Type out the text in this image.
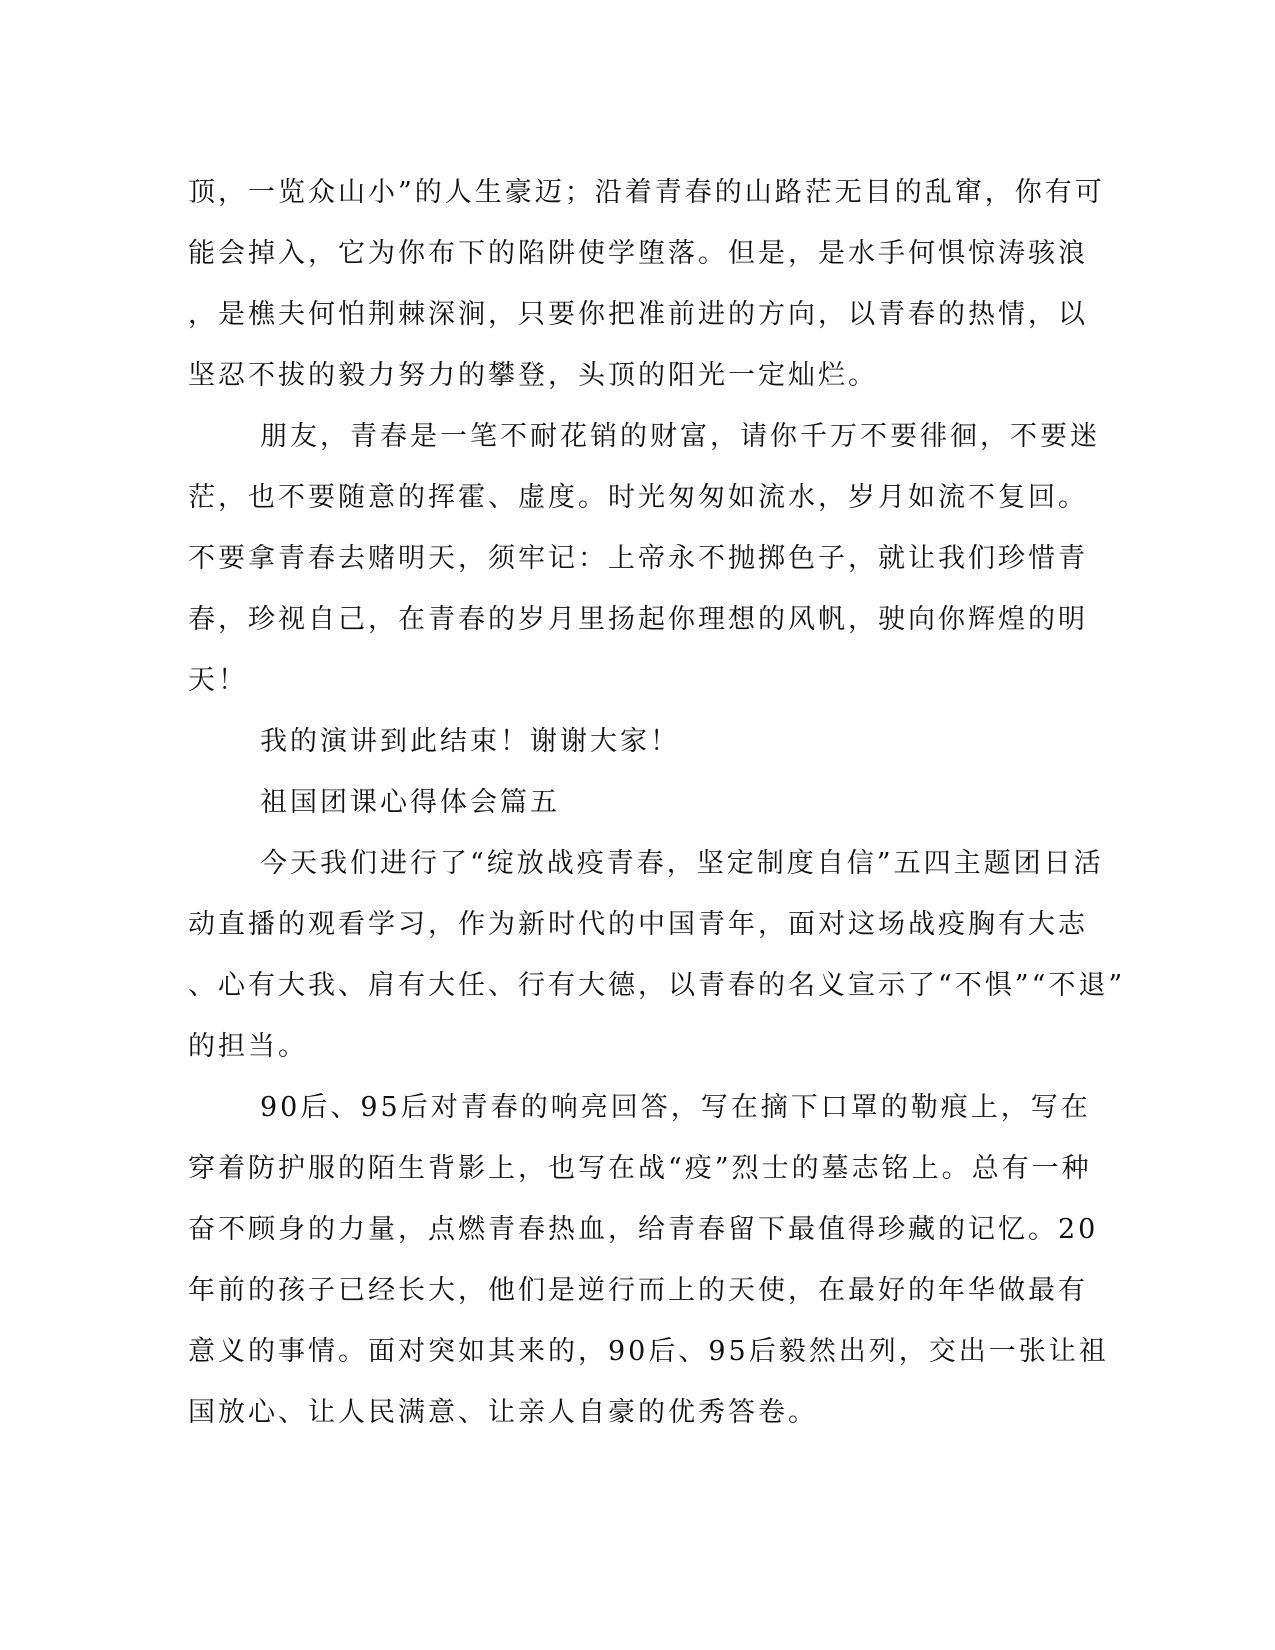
顶，一览众山小”的人生豪迈；沿着青春的山路茫无目的乱窜，你有可
能会掉入，它为你布下的陷阱使学堕落。但是，是水手何惧惊涛骇浪
，是樵夫何怕荆棘深涧，只要你把准前进的方向，以青春的热情，以
坚忍不拔的毅力努力的攀登，头顶的阳光一定灿烂。
朋友，青春是一笔不耐花销的财富，请你千万不要徘徊，不要迷
茫，也不要随意的挥霍、虚度。时光匆匆如流水，岁月如流不复回。
不要拿青春去赌明天，须牢记：上帝永不抛掷色子，就让我们珍惜青
春，珍视自己，在青春的岁月里扬起你理想的风帆，驶向你辉煌的明
天！
我的演讲到此结束！谢谢大家！
祖国团课心得体会篇五
今天我们进行了“绽放战疫青春，坚定制度自信”五四主题团日活
动直播的观看学习，作为新时代的中国青年，面对这场战疫胸有大志
、心有大我、肩有大任、行有大德，以青春的名义宣示了“不惧”“不退”
的担当。
90后、95后对青春的响亮回答，写在摘下口罩的勒痕上，写在
穿着防护服的陌生背影上，也写在战“疫”烈士的墓志铭上。总有一种
奋不顾身的力量，点燃青春热血，给青春留下最值得珍藏的记忆。20
年前的孩子已经长大，他们是逆行而上的天使，在最好的年华做最有
意义的事情。面对突如其来的，90后、95后毅然出列，交出一张让祖
国放心、让人民满意、让亲人自豪的优秀答卷。
